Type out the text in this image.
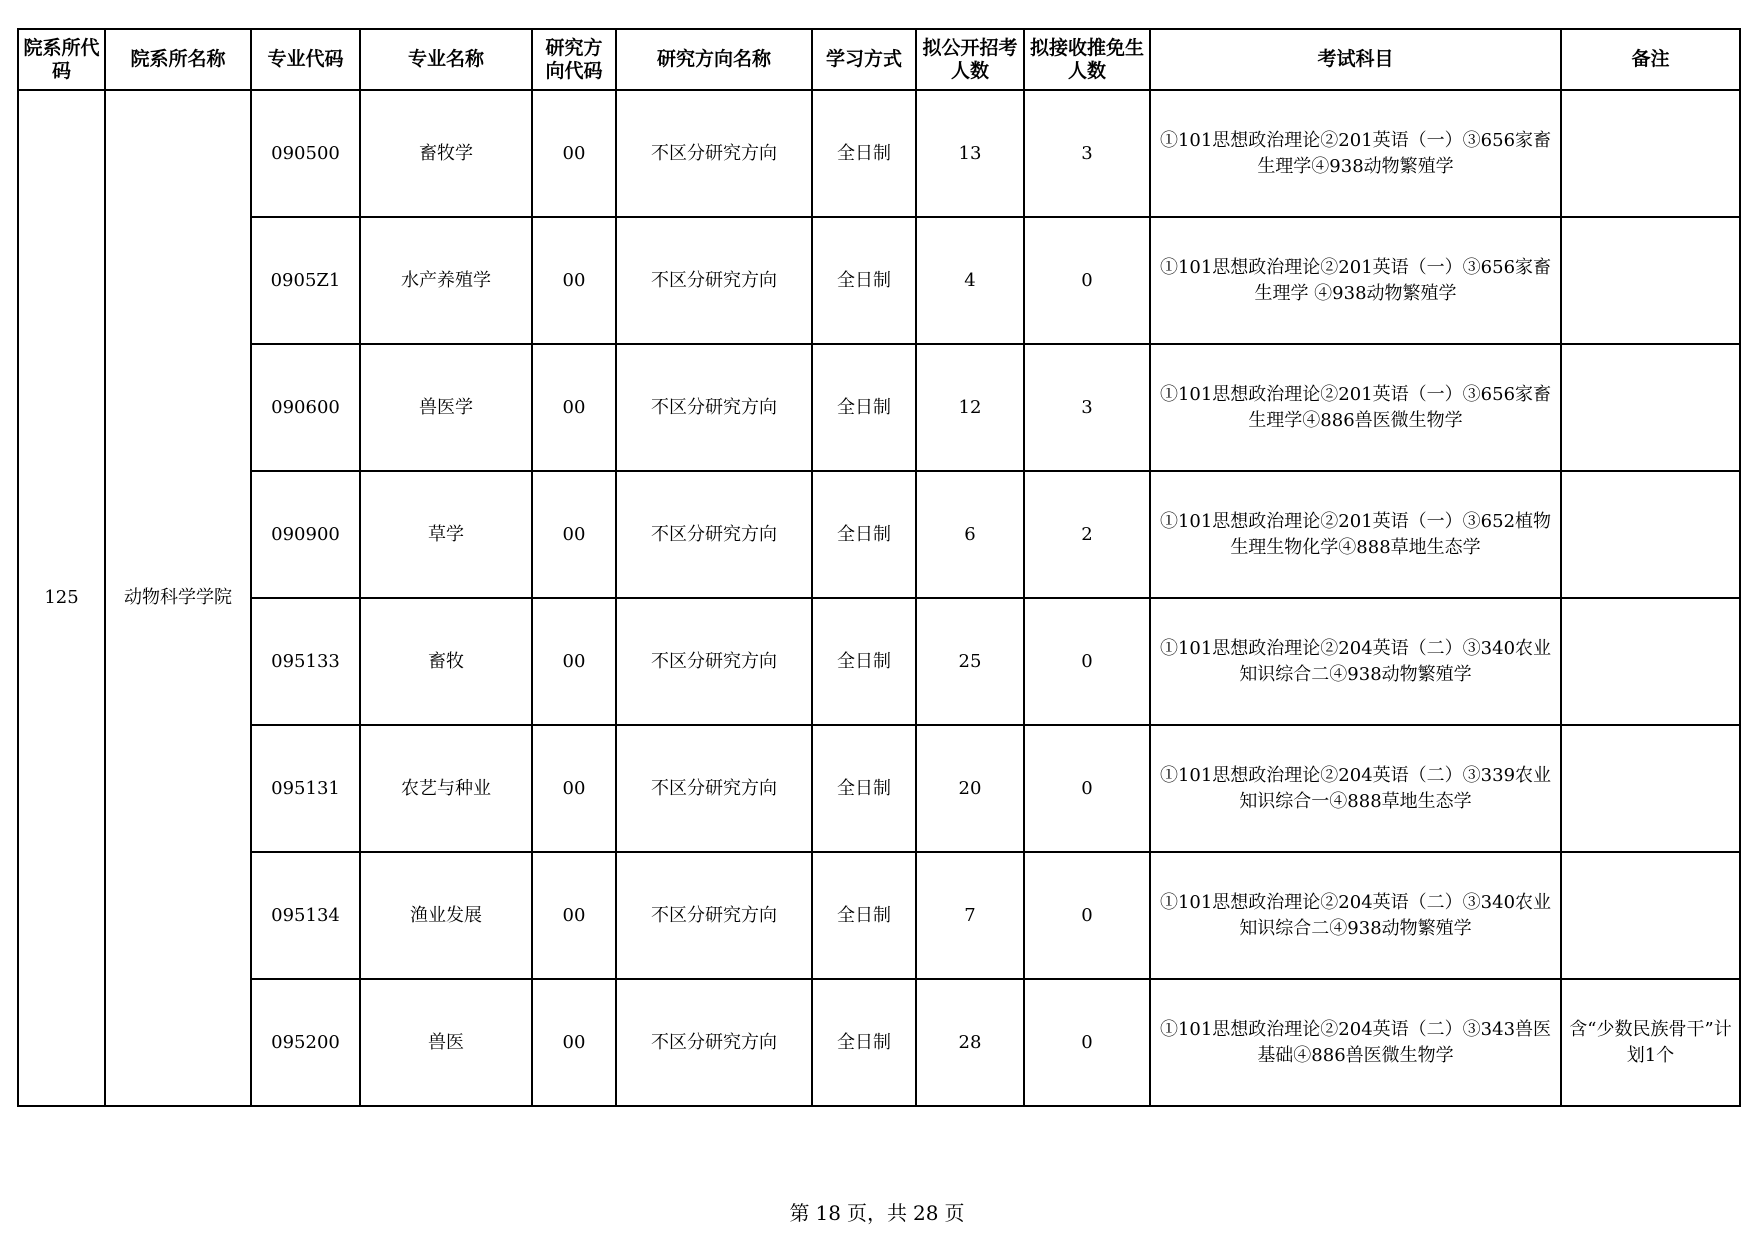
院系所代码	院系所名称	专业代码	专业名称	研究方向代码	研究方向名称	学习方式	拟公开招考人数	拟接收推免生人数	考试科目	备注
125	动物科学学院	090500	畜牧学	00	不区分研究方向	全日制	13	3	①101思想政治理论②201英语（一）③656家畜生理学④938动物繁殖学	
		0905Z1	水产养殖学	00	不区分研究方向	全日制	4	0	①101思想政治理论②201英语（一）③656家畜生理学 ④938动物繁殖学	
		090600	兽医学	00	不区分研究方向	全日制	12	3	①101思想政治理论②201英语（一）③656家畜生理学④886兽医微生物学	
		090900	草学	00	不区分研究方向	全日制	6	2	①101思想政治理论②201英语（一）③652植物生理生物化学④888草地生态学	
		095133	畜牧	00	不区分研究方向	全日制	25	0	①101思想政治理论②204英语（二）③340农业知识综合二④938动物繁殖学	
		095131	农艺与种业	00	不区分研究方向	全日制	20	0	①101思想政治理论②204英语（二）③339农业知识综合一④888草地生态学	
		095134	渔业发展	00	不区分研究方向	全日制	7	0	①101思想政治理论②204英语（二）③340农业知识综合二④938动物繁殖学	
		095200	兽医	00	不区分研究方向	全日制	28	0	①101思想政治理论②204英语（二）③343兽医基础④886兽医微生物学	含“少数民族骨干”计划1个
第 18 页，共 28 页
